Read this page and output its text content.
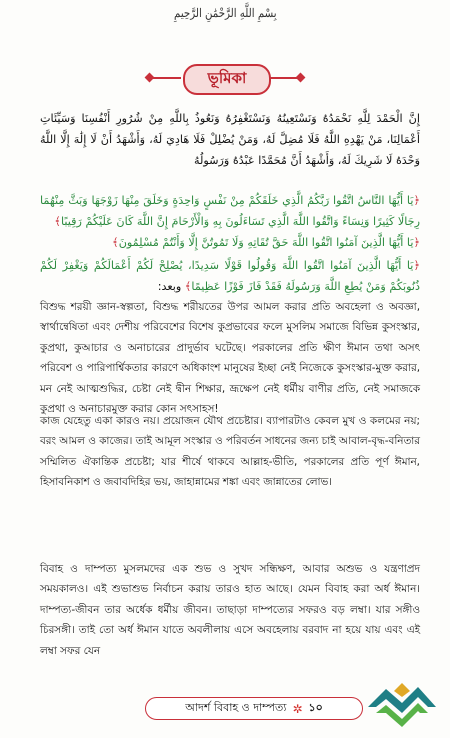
بِسْمِ اللَّهِ الرَّحْمَٰنِ الرَّحِيمِ
ভূমিকা
إِنَّ الْحَمْدَ لِلَّهِ نَحْمَدُهُ وَنَسْتَعِينُهُ وَنَسْتَغْفِرُهُ وَنَعُوذُ بِاللَّهِ مِنْ شُرُورِ أَنْفُسِنَا وَسَيِّئَاتِ أَعْمَالِنَا، مَنْ يَهْدِهِ اللَّهُ فَلَا مُضِلَّ لَهُ، وَمَنْ يُضْلِلْ فَلَا هَادِيَ لَهُ، وَأَشْهَدُ أَنْ لَا إِلَٰهَ إِلَّا اللَّهُ وَحْدَهُ لَا شَرِيكَ لَهُ، وَأَشْهَدُ أَنَّ مُحَمَّدًا عَبْدُهُ وَرَسُولُهُ
﴿يَا أَيُّهَا النَّاسُ اتَّقُوا رَبَّكُمُ الَّذِي خَلَقَكُمْ مِنْ نَفْسٍ وَاحِدَةٍ وَخَلَقَ مِنْهَا زَوْجَهَا وَبَثَّ مِنْهُمَا رِجَالًا كَثِيرًا وَنِسَاءً وَاتَّقُوا اللَّهَ الَّذِي تَسَاءَلُونَ بِهِ وَالْأَرْحَامَ إِنَّ اللَّهَ كَانَ عَلَيْكُمْ رَقِيبًا﴾
﴿يَا أَيُّهَا الَّذِينَ آمَنُوا اتَّقُوا اللَّهَ حَقَّ تُقَاتِهِ وَلَا تَمُوتُنَّ إِلَّا وَأَنْتُمْ مُسْلِمُونَ﴾
﴿يَا أَيُّهَا الَّذِينَ آمَنُوا اتَّقُوا اللَّهَ وَقُولُوا قَوْلًا سَدِيدًا، يُصْلِحْ لَكُمْ أَعْمَالَكُمْ وَيَغْفِرْ لَكُمْ ذُنُوبَكُمْ وَمَنْ يُطِعِ اللَّهَ وَرَسُولَهُ فَقَدْ فَازَ فَوْزًا عَظِيمًا﴾ وبعد:
বিশুদ্ধ শরয়ী জ্ঞান-স্বল্পতা, বিশুদ্ধ শরীয়তের উপর আমল করার প্রতি অবহেলা ও অবজ্ঞা, স্বার্থান্বেষিতা এবং দেশীয় পরিবেশের বিশেষ কুপ্রভাবের ফলে মুসলিম সমাজে বিভিন্ন কুসংস্কার, কুপ্রথা, কুআচার ও অনাচারের প্রাদুর্ভাব ঘটেছে। পরকালের প্রতি ক্ষীণ ঈমান তথা অসৎ পরিবেশ ও পারিপার্শ্বিকতার কারণে অধিকাংশ মানুষের ইচ্ছা নেই নিজেকে কুসংস্কার-মুক্ত করার, মন নেই আত্মশুদ্ধির, চেষ্টা নেই দ্বীন শিক্ষার, ভ্রূক্ষেপ নেই ধর্মীয় বাণীর প্রতি, নেই সমাজকে কুপ্রথা ও অনাচারমুক্ত করার কোন সৎসাহস!
কাজ যেহেতু একা কারও নয়। প্রয়োজন যৌথ প্রচেষ্টার। ব্যাপারটাও কেবল মুখ ও কলমের নয়; বরং আমল ও কাজের। তাই আমূল সংস্কার ও পরিবর্তন সাধনের জন্য চাই আবাল-বৃদ্ধ-বনিতার সম্মিলিত ঐকান্তিক প্রচেষ্টা; যার শীর্ষে থাকবে আল্লাহ-ভীতি, পরকালের প্রতি পূর্ণ ঈমান, হিসাবনিকাশ ও জবাবদিহির ভয়, জাহান্নামের শঙ্কা এবং জান্নাতের লোভ।
বিবাহ ও দাম্পত্য মুসলমদের এক শুভ ও সুখদ সন্ধিক্ষণ, আবার অশুভ ও যন্ত্রণাপ্রদ সময়কালও। এই শুভাশুভ নির্বাচন করায় তারও হাত আছে। যেমন বিবাহ করা অর্ধ ঈমান। দাম্পত্য-জীবন তার অর্ধেক ধর্মীয় জীবন। তাছাড়া দাম্পত্যের সফরও বড় লম্বা। যার সঙ্গীও চিরসঙ্গী। তাই তো অর্ধ ঈমান যাতে অবলীলায় এসে অবহেলায় বরবাদ না হয়ে যায় এবং এই লম্বা সফর যেন
আদর্শ বিবাহ ও দাম্পত্য ✲ ১০
